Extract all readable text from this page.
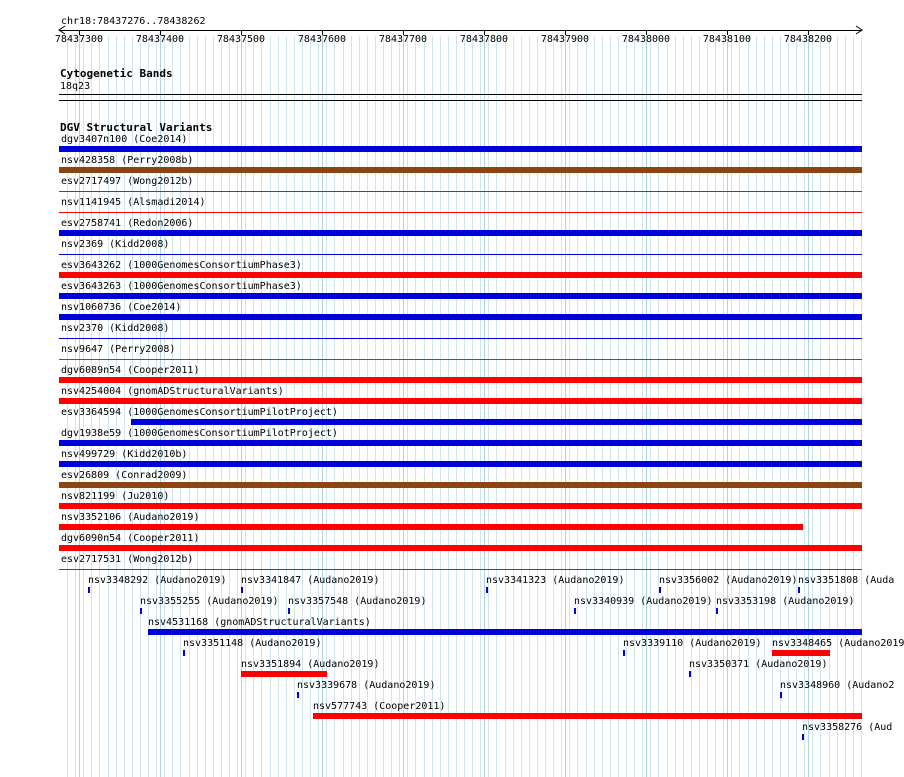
chr18:78437276..78438262
78437300	78437400	78437500	78437600	78437700	78437800	78437900	78438000	78438100	78438200
Cytogenetic Bands
18q23
DGV Structural Variants
dgv3407n100 (Coe2014)
nsv428358 (Perry2008b)
esv2717497 (Wong2012b)
nsv1141945 (Alsmadi2014)
esv2758741 (Redon2006)
nsv2369 (Kidd2008)
esv3643262 (1000GenomesConsortiumPhase3)
esv3643263 (1000GenomesConsortiumPhase3)
nsv1060736 (Coe2014)
nsv2370 (Kidd2008)
nsv9647 (Perry2008)
dgv6089n54 (Cooper2011)
nsv4254004 (gnomADStructuralVariants)
esv3364594 (1000GenomesConsortiumPilotProject)
dgv1938e59 (1000GenomesConsortiumPilotProject)
nsv499729 (Kidd2010b)
esv26809 (Conrad2009)
nsv821199 (Ju2010)
nsv3352106 (Audano2019)
dgv6090n54 (Cooper2011)
esv2717531 (Wong2012b)
nsv3348292 (Audano2019) nsv3341847 (Audano2019)	nsv3341323 (Audano2019)	nsv3356002 (Audano2019) nsv3351808 (Auda
nsv3355255 (Audano2019) nsv3357548 (Audano2019)	nsv3340939 (Audano2019) nsv3353198 (Audano2019)
nsv4531168 (gnomADStructuralVariants)
nsv3351148 (Audano2019)	nsv3339110 (Audano2019) nsv3348465 (Audano2019
nsv3351894 (Audano2019)	nsv3350371 (Audano2019)
nsv3339678 (Audano2019)	nsv3348960 (Audano2
nsv577743 (Cooper2011)
nsv3358276 (Aud
